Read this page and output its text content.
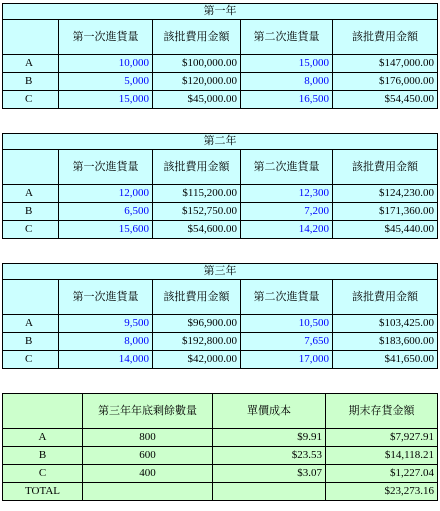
第一年				
	第一次進貨量	該批費用金額	第二次進貨量	該批費用金額
A	10,000	$100,000.00	15,000	$147,000.00
B	5,000	$120,000.00	8,000	$176,000.00
C	15,000	$45,000.00	16,500	$54,450.00
第二年				
	第一次進貨量	該批費用金額	第二次進貨量	該批費用金額
A	12,000	$115,200.00	12,300	$124,230.00
B	6,500	$152,750.00	7,200	$171,360.00
C	15,600	$54,600.00	14,200	$45,440.00
第三年				
	第一次進貨量	該批費用金額	第二次進貨量	該批費用金額
A	9,500	$96,900.00	10,500	$103,425.00
B	8,000	$192,800.00	7,650	$183,600.00
C	14,000	$42,000.00	17,000	$41,650.00
	第三年年底剩餘數量	單價成本	期末存貨金額
A	800	$9.91	$7,927.91
B	600	$23.53	$14,118.21
C	400	$3.07	$1,227.04
TOTAL			$23,273.16
